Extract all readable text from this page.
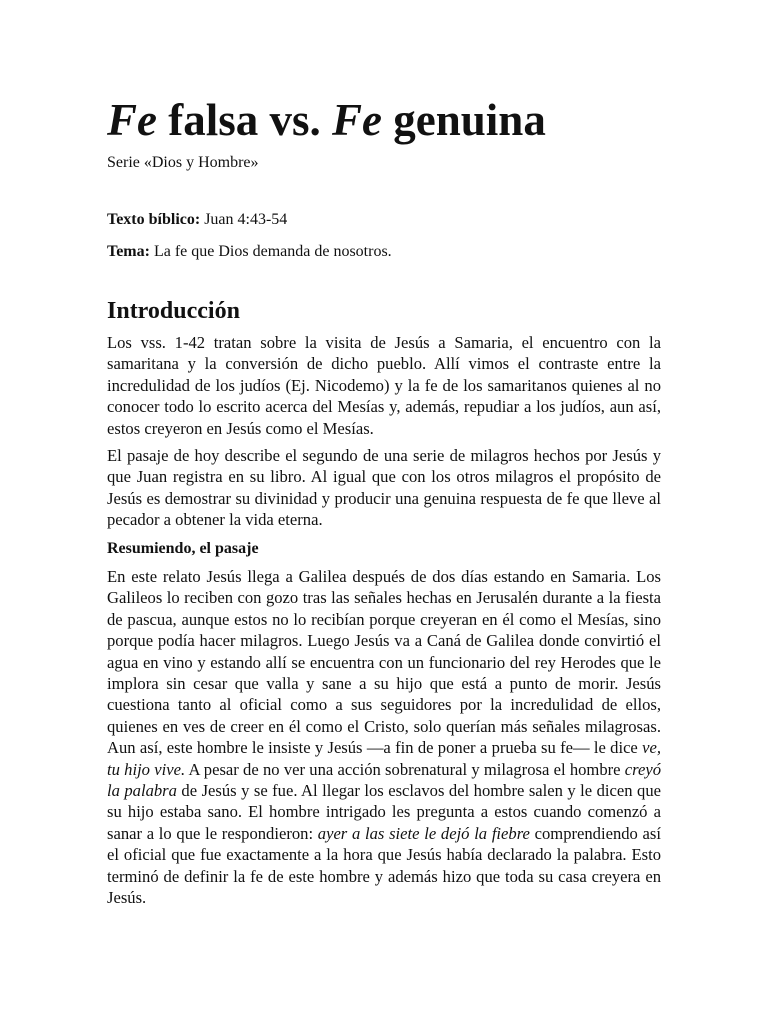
Fe falsa vs. Fe genuina
Serie «Dios y Hombre»
Texto bíblico: Juan 4:43-54
Tema: La fe que Dios demanda de nosotros.
Introducción

Los vss. 1-42 tratan sobre la visita de Jesús a Samaria, el encuentro con la samaritana y la conversión de dicho pueblo. Allí vimos el contraste entre la incredulidad de los judíos (Ej. Nicodemo) y la fe de los samaritanos quienes al no conocer todo lo escrito acerca del Mesías y, además, repudiar a los judíos, aun así, estos creyeron en Jesús como el Mesías.

El pasaje de hoy describe el segundo de una serie de milagros hechos por Jesús y que Juan registra en su libro. Al igual que con los otros milagros el propósito de Jesús es demostrar su divinidad y producir una genuina respuesta de fe que lleve al pecador a obtener la vida eterna.

Resumiendo, el pasaje

En este relato Jesús llega a Galilea después de dos días estando en Samaria. Los Galileos lo reciben con gozo tras las señales hechas en Jerusalén durante a la fiesta de pascua, aunque estos no lo recibían porque creyeran en él como el Mesías, sino porque podía hacer milagros. Luego Jesús va a Caná de Galilea donde convirtió el agua en vino y estando allí se encuentra con un funcionario del rey Herodes que le implora sin cesar que valla y sane a su hijo que está a punto de morir. Jesús cuestiona tanto al oficial como a sus seguidores por la incredulidad de ellos, quienes en ves de creer en él como el Cristo, solo querían más señales milagrosas. Aun así, este hombre le insiste y Jesús —a fin de poner a prueba su fe— le dice ve, tu hijo vive. A pesar de no ver una acción sobrenatural y milagrosa el hombre creyó la palabra de Jesús y se fue. Al llegar los esclavos del hombre salen y le dicen que su hijo estaba sano. El hombre intrigado les pregunta a estos cuando comenzó a sanar a lo que le respondieron: ayer a las siete le dejó la fiebre comprendiendo así el oficial que fue exactamente a la hora que Jesús había declarado la palabra. Esto terminó de definir la fe de este hombre y además hizo que toda su casa creyera en Jesús.
